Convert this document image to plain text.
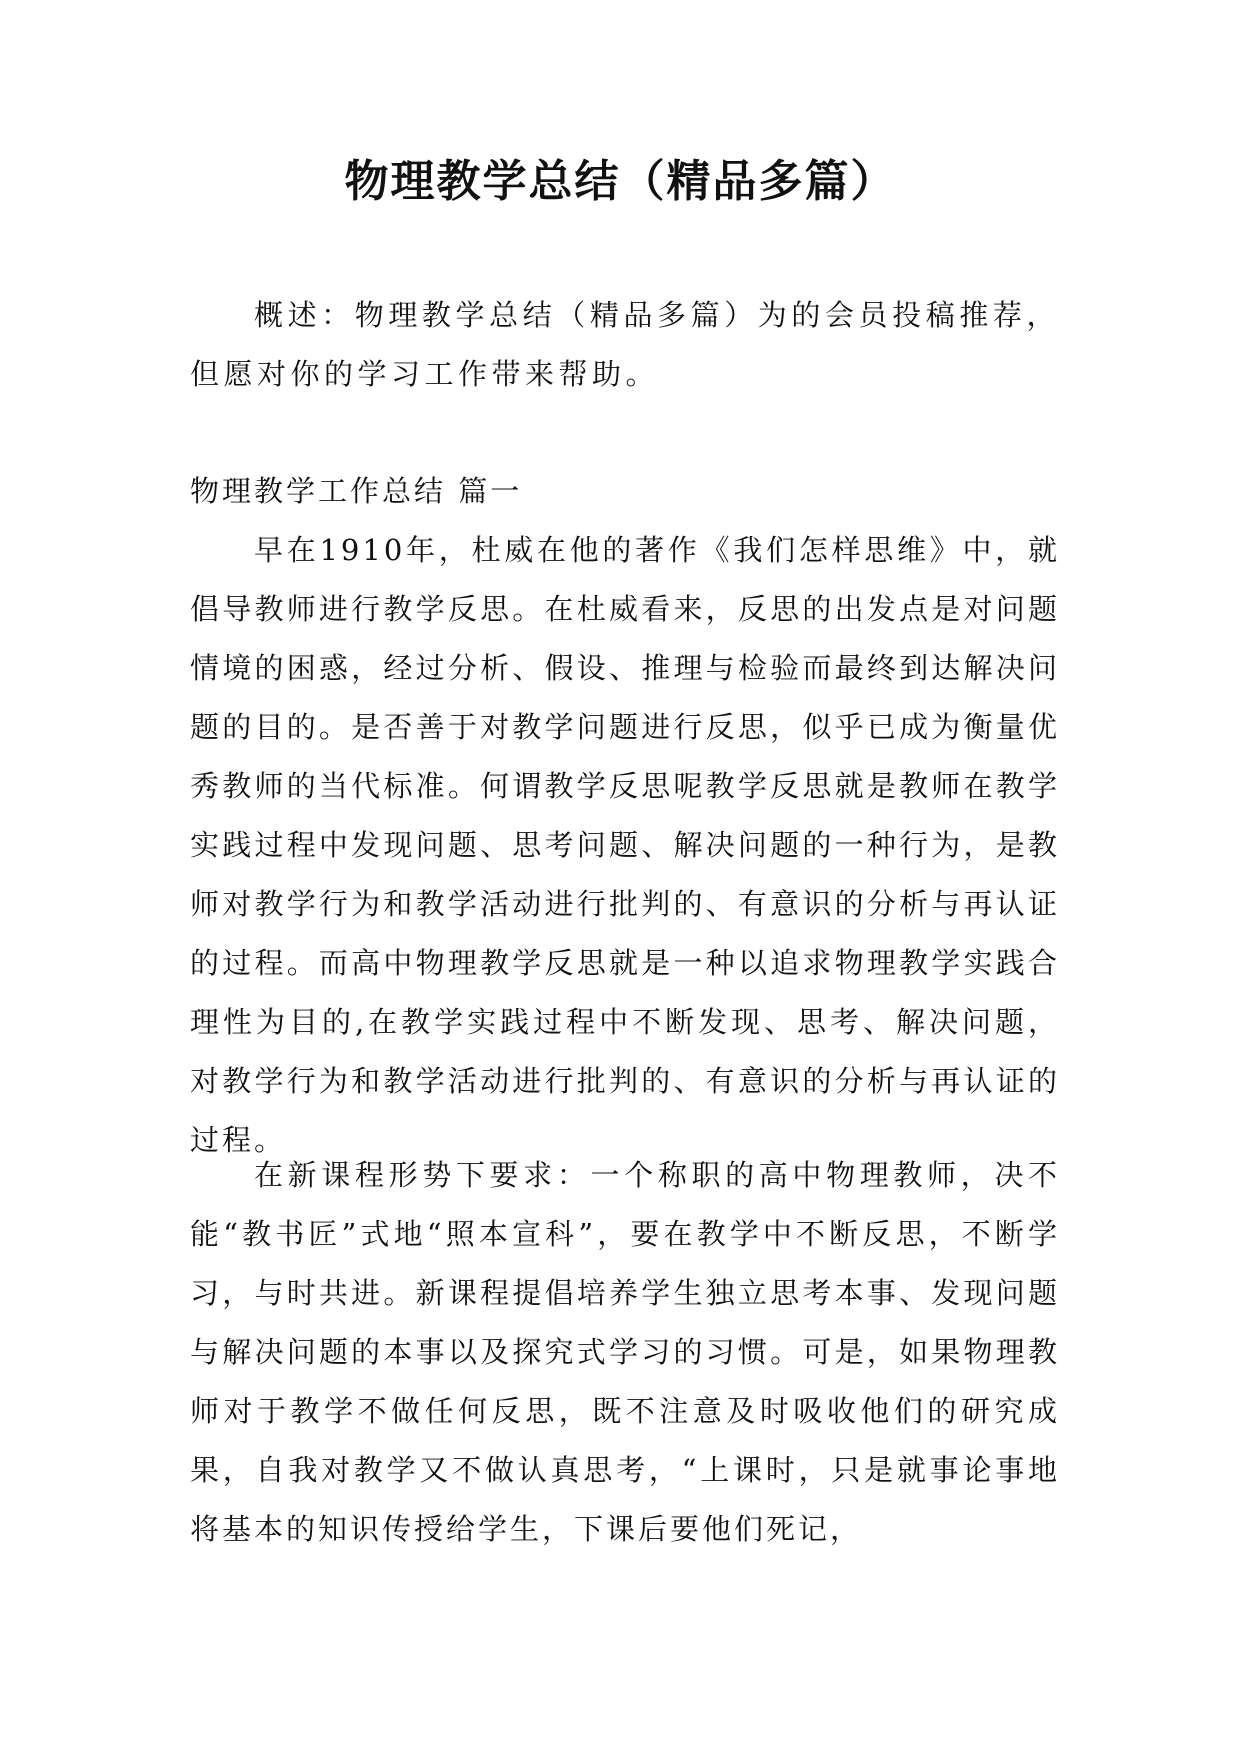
物理教学总结（精品多篇）

概述：物理教学总结（精品多篇）为的会员投稿推荐，但愿对你的学习工作带来帮助。

物理教学工作总结 篇一

早在1910年，杜威在他的著作《我们怎样思维》中，就倡导教师进行教学反思。在杜威看来，反思的出发点是对问题情境的困惑，经过分析、假设、推理与检验而最终到达解决问题的目的。是否善于对教学问题进行反思，似乎已成为衡量优秀教师的当代标准。何谓教学反思呢教学反思就是教师在教学实践过程中发现问题、思考问题、解决问题的一种行为，是教师对教学行为和教学活动进行批判的、有意识的分析与再认证的过程。而高中物理教学反思就是一种以追求物理教学实践合理性为目的,在教学实践过程中不断发现、思考、解决问题，对教学行为和教学活动进行批判的、有意识的分析与再认证的过程。

在新课程形势下要求：一个称职的高中物理教师，决不能“教书匠”式地“照本宣科”，要在教学中不断反思，不断学习，与时共进。新课程提倡培养学生独立思考本事、发现问题与解决问题的本事以及探究式学习的习惯。可是，如果物理教师对于教学不做任何反思，既不注意及时吸收他们的研究成果，自我对教学又不做认真思考，“上课时，只是就事论事地将基本的知识传授给学生，下课后要他们死记，
